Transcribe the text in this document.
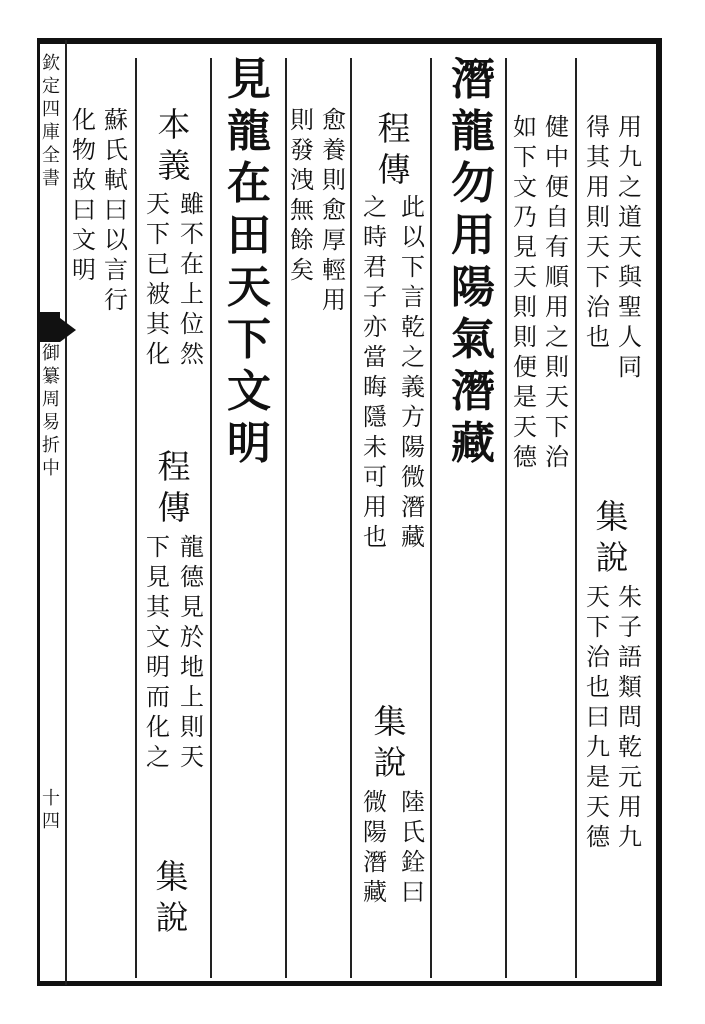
欽
定
四
庫
全
書
御
纂
周
易
折
中
十
四
用
九
之
道
天
與
聖
人
同
得
其
用
則
天
下
治
也
集
說
朱
子
語
類
問
乾
元
用
九
天
下
治
也
曰
九
是
天
德
健
中
便
自
有
順
用
之
則
天
下
治
如
下
文
乃
見
天
則
則
便
是
天
德
潛
龍
勿
用
陽
氣
潛
藏
程
傳
此
以
下
言
乾
之
義
方
陽
微
潛
藏
之
時
君
子
亦
當
晦
隱
未
可
用
也
集
說
陸
氏
銓
曰
微
陽
潛
藏
愈
養
則
愈
厚
輕
用
則
發
洩
無
餘
矣
見
龍
在
田
天
下
文
明
本
義
雖
不
在
上
位
然
天
下
已
被
其
化
程
傳
龍
德
見
於
地
上
則
天
下
見
其
文
明
而
化
之
集
說
蘇
氏
軾
曰
以
言
行
化
物
故
曰
文
明
